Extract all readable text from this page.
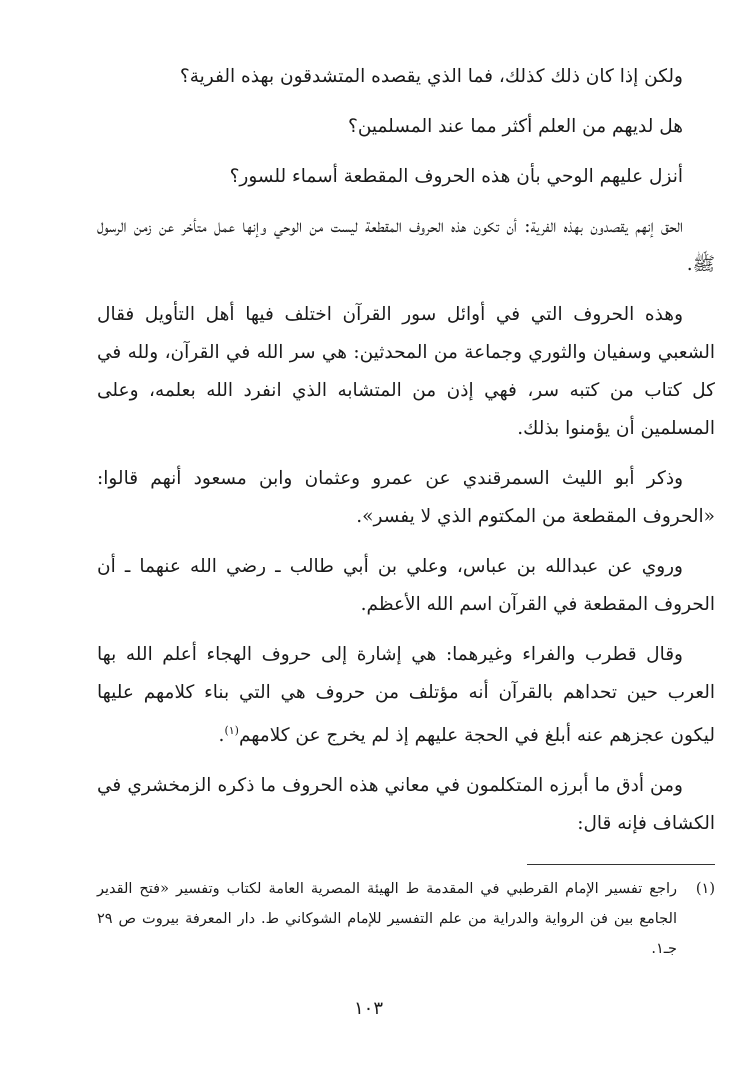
ولكن إذا كان ذلك كذلك، فما الذي يقصده المتشدقون بهذه الفرية؟

هل لديهم من العلم أكثر مما عند المسلمين؟

أنزل عليهم الوحي بأن هذه الحروف المقطعة أسماء للسور؟

الحق إنهم يقصدون بهذه الفرية: أن تكون هذه الحروف المقطعة ليست من الوحي وإنها عمل متأخر عن زمن الرسول ﷺ.

وهذه الحروف التي في أوائل سور القرآن اختلف فيها أهل التأويل فقال الشعبي وسفيان والثوري وجماعة من المحدثين: هي سر الله في القرآن، ولله في كل كتاب من كتبه سر، فهي إذن من المتشابه الذي انفرد الله بعلمه، وعلى المسلمين أن يؤمنوا بذلك.

وذكر أبو الليث السمرقندي عن عمرو وعثمان وابن مسعود أنهم قالوا: «الحروف المقطعة من المكتوم الذي لا يفسر».

وروي عن عبدالله بن عباس، وعلي بن أبي طالب ـ رضي الله عنهما ـ أن الحروف المقطعة في القرآن اسم الله الأعظم.

وقال قطرب والفراء وغيرهما: هي إشارة إلى حروف الهجاء أعلم الله بها العرب حين تحداهم بالقرآن أنه مؤتلف من حروف هي التي بناء كلامهم عليها ليكون عجزهم عنه أبلغ في الحجة عليهم إذ لم يخرج عن كلامهم$^{(١)}$.

ومن أدق ما أبرزه المتكلمون في معاني هذه الحروف ما ذكره الزمخشري في الكشاف فإنه قال:

(١)
راجع تفسير الإمام القرطبي في المقدمة ط الهيئة المصرية العامة لكتاب وتفسير «فتح القدير الجامع بين فن الرواية والدراية من علم التفسير للإمام الشوكاني ط. دار المعرفة بيروت ص ٢٩ جـ١.
١٠٣
